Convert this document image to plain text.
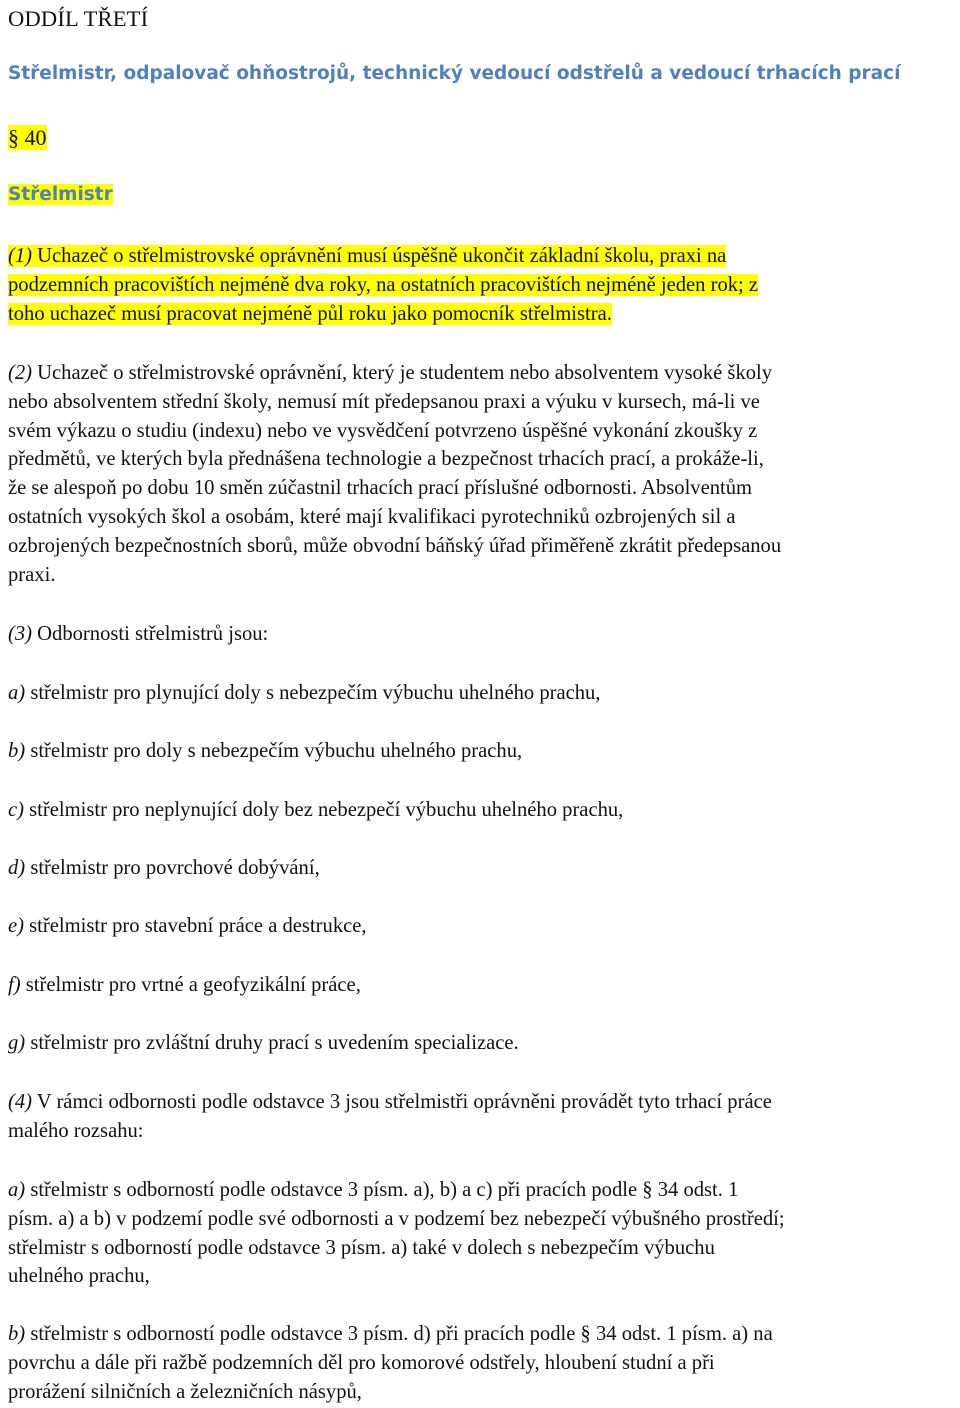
ODDÍL TŘETÍ
Střelmistr, odpalovač ohňostrojů, technický vedoucí odstřelů a vedoucí trhacích prací
§ 40
Střelmistr
(1) Uchazeč o střelmistrovské oprávnění musí úspěšně ukončit základní školu, praxi na
podzemních pracovištích nejméně dva roky, na ostatních pracovištích nejméně jeden rok; z
toho uchazeč musí pracovat nejméně půl roku jako pomocník střelmistra.
(2) Uchazeč o střelmistrovské oprávnění, který je studentem nebo absolventem vysoké školy
nebo absolventem střední školy, nemusí mít předepsanou praxi a výuku v kursech, má-li ve
svém výkazu o studiu (indexu) nebo ve vysvědčení potvrzeno úspěšné vykonání zkoušky z
předmětů, ve kterých byla přednášena technologie a bezpečnost trhacích prací, a prokáže-li,
že se alespoň po dobu 10 směn zúčastnil trhacích prací příslušné odbornosti. Absolventům
ostatních vysokých škol a osobám, které mají kvalifikaci pyrotechniků ozbrojených sil a
ozbrojených bezpečnostních sborů, může obvodní báňský úřad přiměřeně zkrátit předepsanou
praxi.
(3) Odbornosti střelmistrů jsou:
a) střelmistr pro plynující doly s nebezpečím výbuchu uhelného prachu,
b) střelmistr pro doly s nebezpečím výbuchu uhelného prachu,
c) střelmistr pro neplynující doly bez nebezpečí výbuchu uhelného prachu,
d) střelmistr pro povrchové dobývání,
e) střelmistr pro stavební práce a destrukce,
f) střelmistr pro vrtné a geofyzikální práce,
g) střelmistr pro zvláštní druhy prací s uvedením specializace.
(4) V rámci odbornosti podle odstavce 3 jsou střelmistři oprávněni provádět tyto trhací práce
malého rozsahu:
a) střelmistr s odborností podle odstavce 3 písm. a), b) a c) při pracích podle § 34 odst. 1
písm. a) a b) v podzemí podle své odbornosti a v podzemí bez nebezpečí výbušného prostředí;
střelmistr s odborností podle odstavce 3 písm. a) také v dolech s nebezpečím výbuchu
uhelného prachu,
b) střelmistr s odborností podle odstavce 3 písm. d) při pracích podle § 34 odst. 1 písm. a) na
povrchu a dále při ražbě podzemních děl pro komorové odstřely, hloubení studní a při
prorážení silničních a železničních násypů,
